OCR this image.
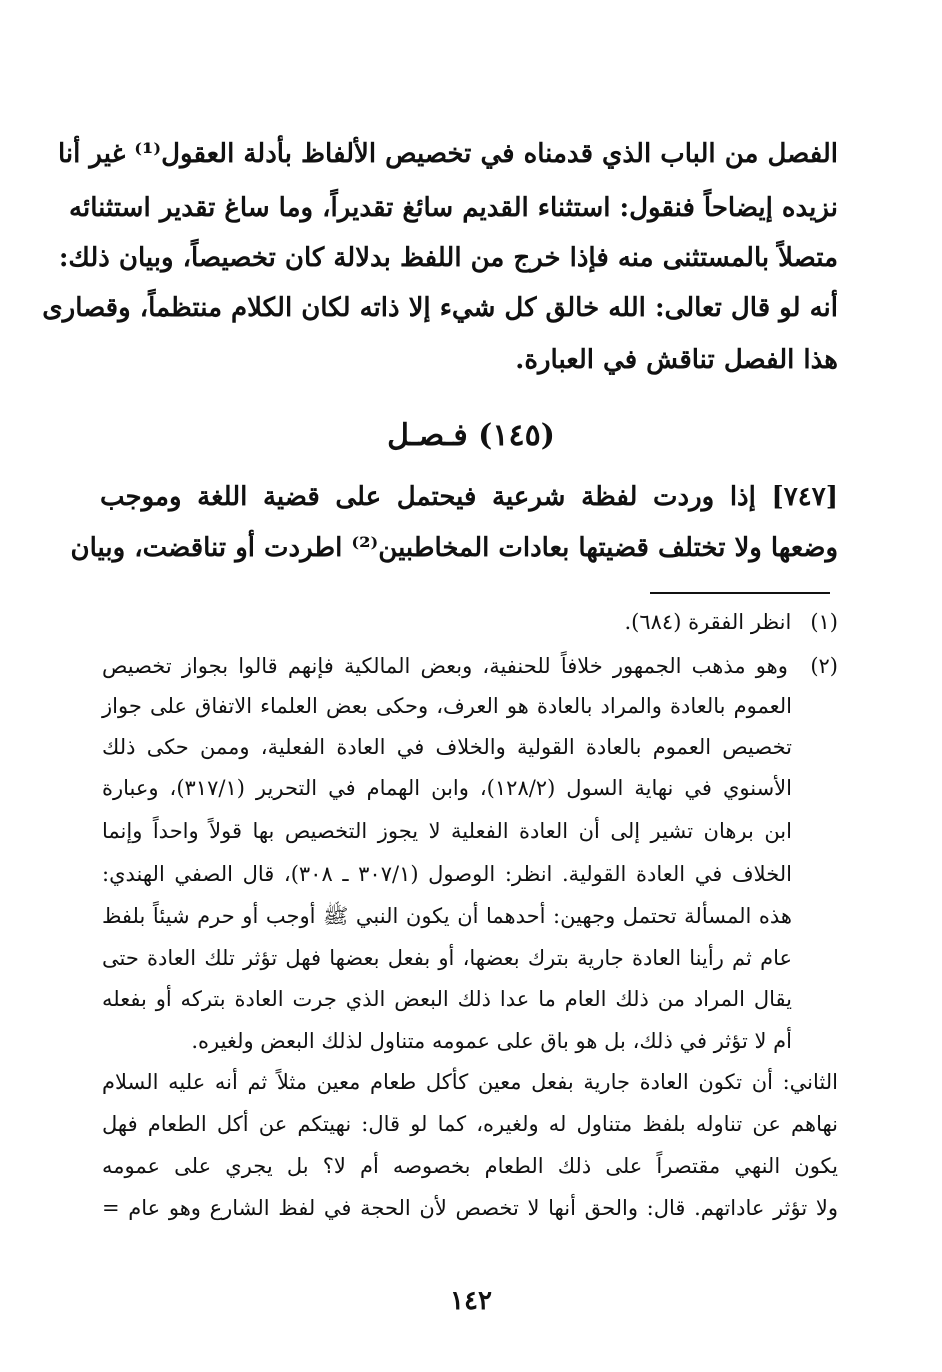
الفصل من الباب الذي قدمناه في تخصيص الألفاظ بأدلة العقول⁽¹⁾ غير أنا
نزيده إيضاحاً فنقول: استثناء القديم سائغ تقديراً، وما ساغ تقدير استثنائه
متصلاً بالمستثنى منه فإذا خرج من اللفظ بدلالة كان تخصيصاً، وبيان ذلك:
أنه لو قال تعالى: الله خالق كل شيء إلا ذاته لكان الكلام منتظماً، وقصارى
هذا الفصل تناقش في العبارة.
(١٤٥) فـصـل
[٧٤٧] إذا وردت لفظة شرعية فيحتمل على قضية اللغة وموجب
وضعها ولا تختلف قضيتها بعادات المخاطبين⁽²⁾ اطردت أو تناقضت، وبيان
(١) انظر الفقرة (٦٨٤).
(٢) وهو مذهب الجمهور خلافاً للحنفية، وبعض المالكية فإنهم قالوا بجواز تخصيص
العموم بالعادة والمراد بالعادة هو العرف، وحكى بعض العلماء الاتفاق على جواز
تخصيص العموم بالعادة القولية والخلاف في العادة الفعلية، وممن حكى ذلك
الأسنوي في نهاية السول (١٢٨/٢)، وابن الهمام في التحرير (٣١٧/١)، وعبارة
ابن برهان تشير إلى أن العادة الفعلية لا يجوز التخصيص بها قولاً واحداً وإنما
الخلاف في العادة القولية. انظر: الوصول (٣٠٧/١ ـ ٣٠٨)، قال الصفي الهندي:
هذه المسألة تحتمل وجهين: أحدهما أن يكون النبي ﷺ أوجب أو حرم شيئاً بلفظ
عام ثم رأينا العادة جارية بترك بعضها، أو بفعل بعضها فهل تؤثر تلك العادة حتى
يقال المراد من ذلك العام ما عدا ذلك البعض الذي جرت العادة بتركه أو بفعله
أم لا تؤثر في ذلك، بل هو باق على عمومه متناول لذلك البعض ولغيره.
الثاني: أن تكون العادة جارية بفعل معين كأكل طعام معين مثلاً ثم أنه عليه السلام
نهاهم عن تناوله بلفظ متناول له ولغيره، كما لو قال: نهيتكم عن أكل الطعام فهل
يكون النهي مقتصراً على ذلك الطعام بخصوصه أم لا؟ بل يجري على عمومه
ولا تؤثر عاداتهم. قال: والحق أنها لا تخصص لأن الحجة في لفظ الشارع وهو عام =
١٤٢
